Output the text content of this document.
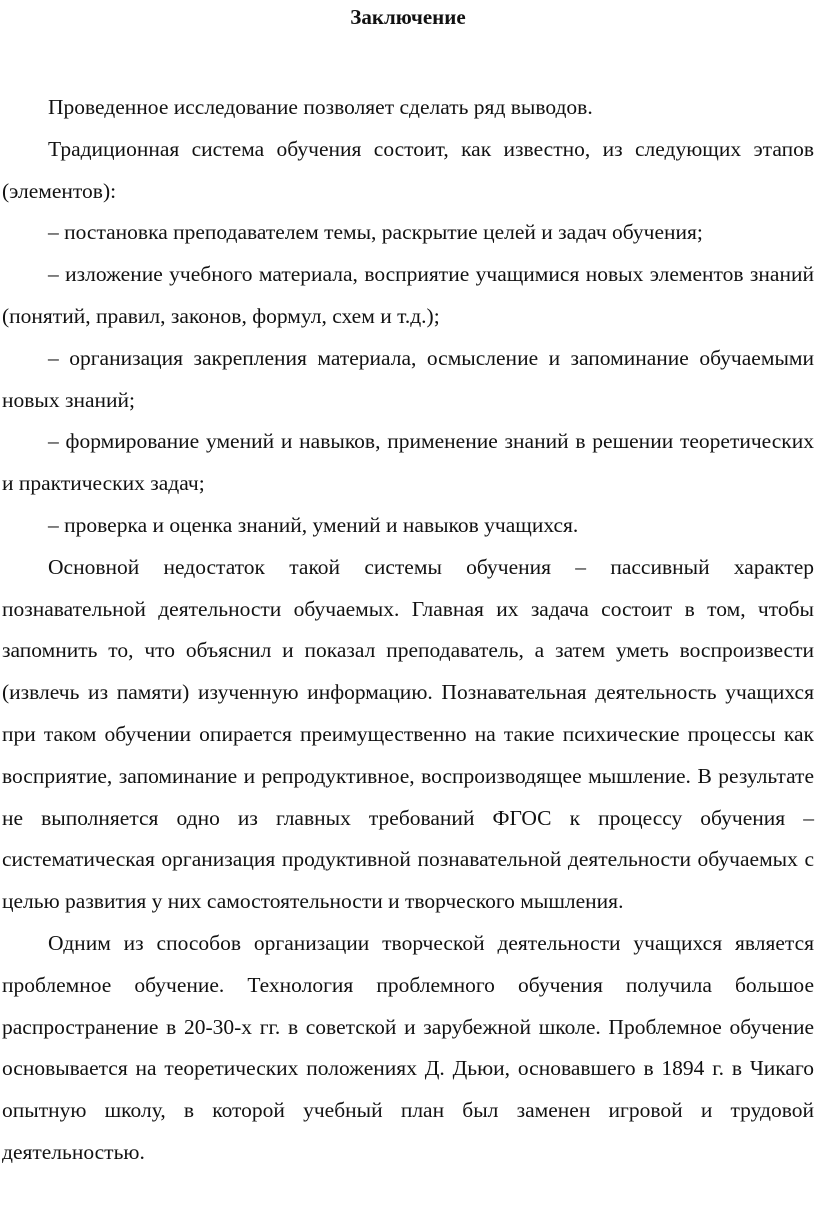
Заключение

Проведенное исследование позволяет сделать ряд выводов.

Традиционная система обучения состоит, как известно, из следующих этапов (элементов):

– постановка преподавателем темы, раскрытие целей и задач обучения;

– изложение учебного материала, восприятие учащимися новых элементов знаний (понятий, правил, законов, формул, схем и т.д.);

– организация закрепления материала, осмысление и запоминание обучаемыми новых знаний;

– формирование умений и навыков, применение знаний в решении теоретических и практических задач;

– проверка и оценка знаний, умений и навыков учащихся.

Основной недостаток такой системы обучения – пассивный характер познавательной деятельности обучаемых. Главная их задача состоит в том, чтобы запомнить то, что объяснил и показал преподаватель, а затем уметь воспроизвести (извлечь из памяти) изученную информацию. Познавательная деятельность учащихся при таком обучении опирается преимущественно на такие психические процессы как восприятие, запоминание и репродуктивное, воспроизводящее мышление. В результате не выполняется одно из главных требований ФГОС к процессу обучения – систематическая организация продуктивной познавательной деятельности обучаемых с целью развития у них самостоятельности и творческого мышления.

Одним из способов организации творческой деятельности учащихся является проблемное обучение. Технология проблемного обучения получила большое распространение в 20-30-х гг. в советской и зарубежной школе. Проблемное обучение основывается на теоретических положениях Д. Дьюи, основавшего в 1894 г. в Чикаго опытную школу, в которой учебный план был заменен игровой и трудовой деятельностью.
